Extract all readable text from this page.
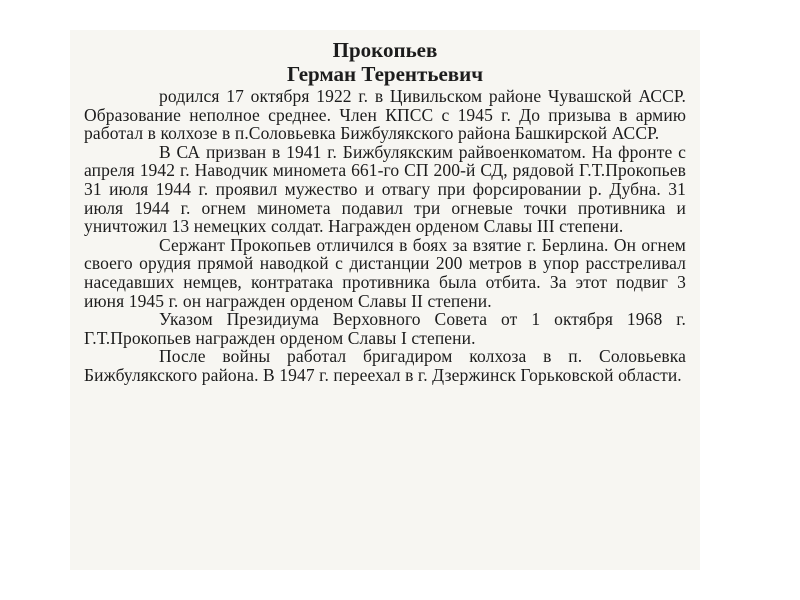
Прокопьев
Герман Терентьевич

родился 17 октября 1922 г. в Цивильском районе Чувашской АССР. Образование неполное среднее. Член КПСС с 1945 г. До призыва в армию работал в колхозе в п.Соловьевка Бижбулякского района Башкирской АССР.

В СА призван в 1941 г. Бижбулякским райвоенкоматом. На фронте с апреля 1942 г. Наводчик миномета 661-го СП 200-й СД, рядовой Г.Т.Прокопьев 31 июля 1944 г. проявил мужество и отвагу при форсировании р. Дубна. 31 июля 1944 г. огнем миномета подавил три огневые точки противника и уничтожил 13 немецких солдат. Награжден орденом Славы III степени.

Сержант Прокопьев отличился в боях за взятие г. Берлина. Он огнем своего орудия прямой наводкой с дистанции 200 метров в упор расстреливал наседавших немцев, контратака противника была отбита. За этот подвиг 3 июня 1945 г. он награжден орденом Славы II степени.

Указом Президиума Верховного Совета от 1 октября 1968 г. Г.Т.Прокопьев награжден орденом Славы I степени.

После войны работал бригадиром колхоза в п. Соловьевка Бижбулякского района. В 1947 г. переехал в г. Дзержинск Горьковской области.
